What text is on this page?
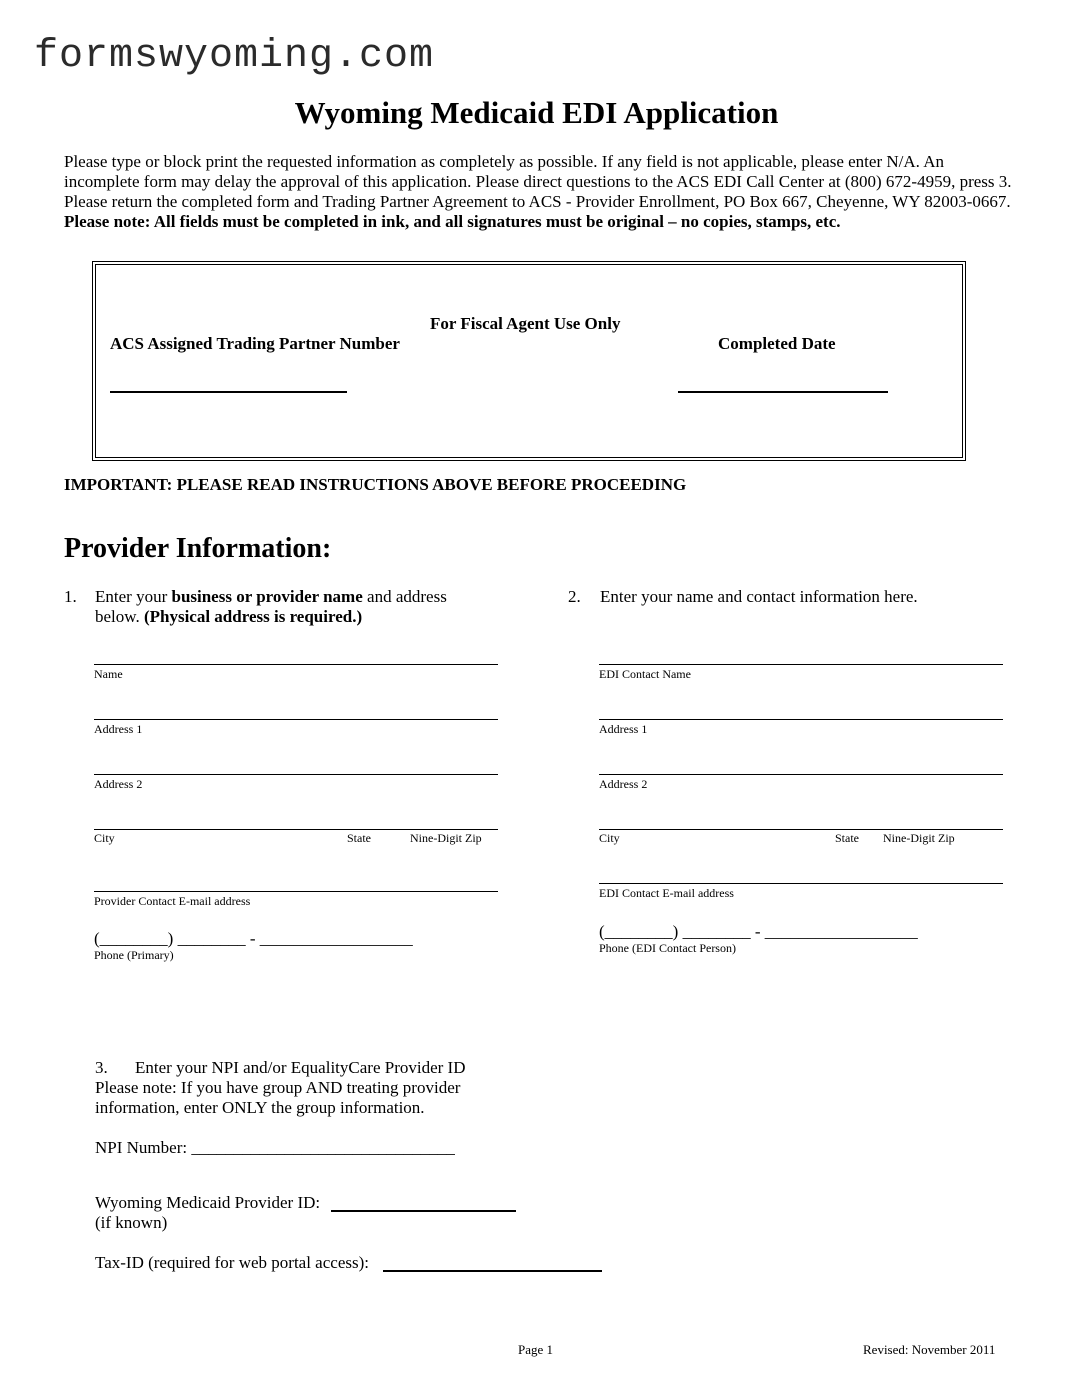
formswyoming.com
Wyoming Medicaid EDI Application
Please type or block print the requested information as completely as possible. If any field is not applicable, please enter N/A. An incomplete form may delay the approval of this application. Please direct questions to the ACS EDI Call Center at (800) 672-4959, press 3. Please return the completed form and Trading Partner Agreement to ACS - Provider Enrollment, PO Box 667, Cheyenne, WY 82003-0667. Please note: All fields must be completed in ink, and all signatures must be original – no copies, stamps, etc.
For Fiscal Agent Use Only
ACS Assigned Trading Partner Number	Completed Date
IMPORTANT: PLEASE READ INSTRUCTIONS ABOVE BEFORE PROCEEDING
Provider Information:
1. Enter your business or provider name and address
below. (Physical address is required.)
Name
Address 1
Address 2
City	State	Nine-Digit Zip
Provider Contact E-mail address
(________) ________ - __________________
Phone (Primary)
2. Enter your name and contact information here.
EDI Contact Name
Address 1
Address 2
City	State Nine-Digit Zip
EDI Contact E-mail address
(________) ________ - __________________
Phone (EDI Contact Person)
3. Enter your NPI and/or EqualityCare Provider ID
Please note: If you have group AND treating provider
information, enter ONLY the group information.
NPI Number: _______________________________
Wyoming Medicaid Provider ID:
(if known)
Tax-ID (required for web portal access):
Page 1	Revised: November 2011
